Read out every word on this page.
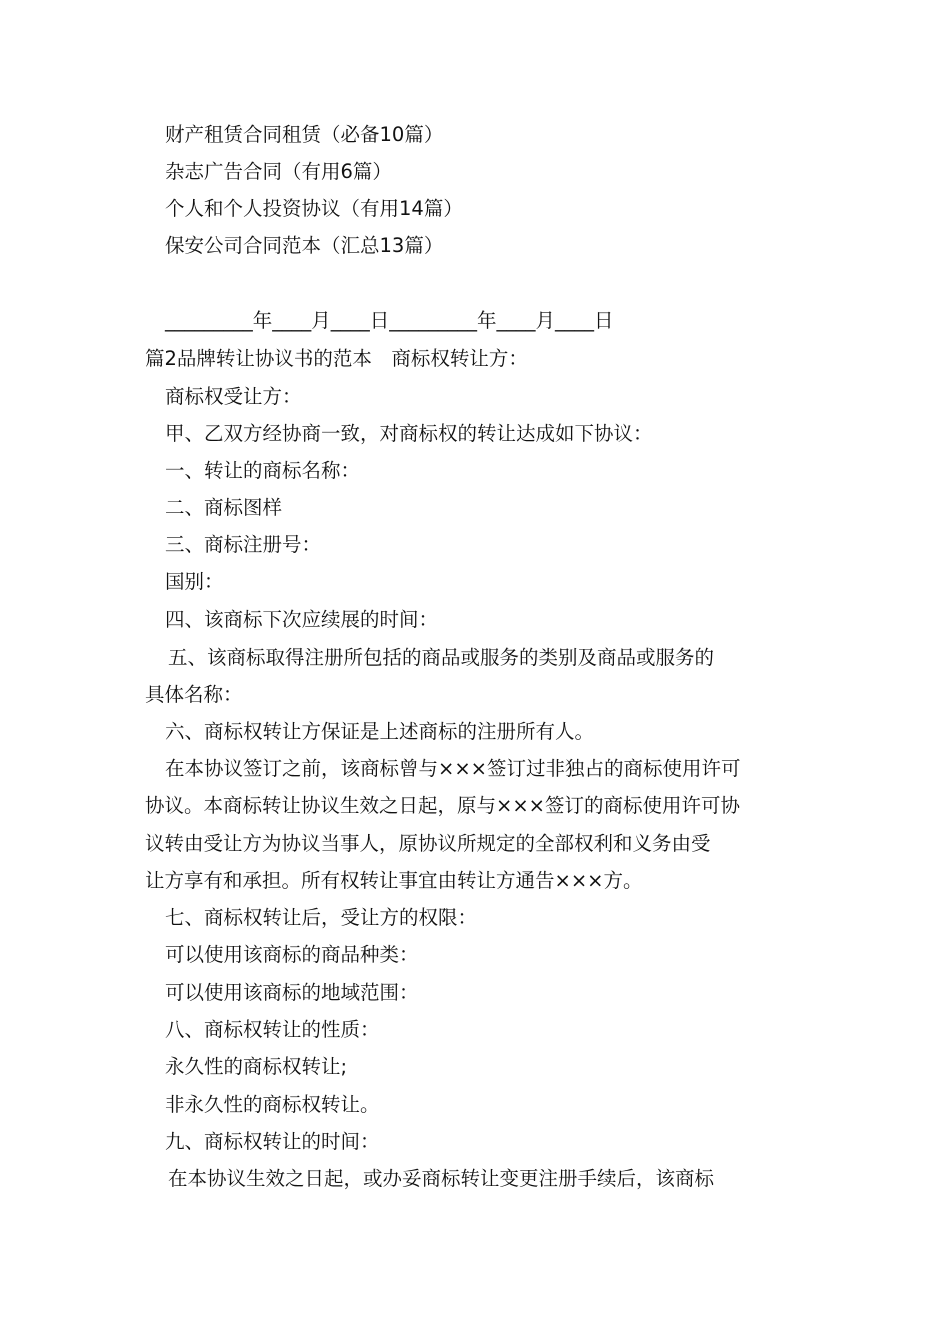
财产租赁合同租赁（必备10篇）
杂志广告合同（有用6篇）
个人和个人投资协议（有用14篇）
保安公司合同范本（汇总13篇）
_________年____月____日_________年____月____日
篇2品牌转让协议书的范本　商标权转让方：
商标权受让方：
甲、乙双方经协商一致，对商标权的转让达成如下协议：
一、转让的商标名称：
二、商标图样
三、商标注册号：
国别：
四、该商标下次应续展的时间：
五、该商标取得注册所包括的商品或服务的类别及商品或服务的
具体名称：
六、商标权转让方保证是上述商标的注册所有人。
在本协议签订之前，该商标曾与×××签订过非独占的商标使用许可
协议。本商标转让协议生效之日起，原与×××签订的商标使用许可协
议转由受让方为协议当事人，原协议所规定的全部权利和义务由受
让方享有和承担。所有权转让事宜由转让方通告×××方。
七、商标权转让后，受让方的权限：
可以使用该商标的商品种类：
可以使用该商标的地域范围：
八、商标权转让的性质：
永久性的商标权转让;
非永久性的商标权转让。
九、商标权转让的时间：
在本协议生效之日起，或办妥商标转让变更注册手续后，该商标
